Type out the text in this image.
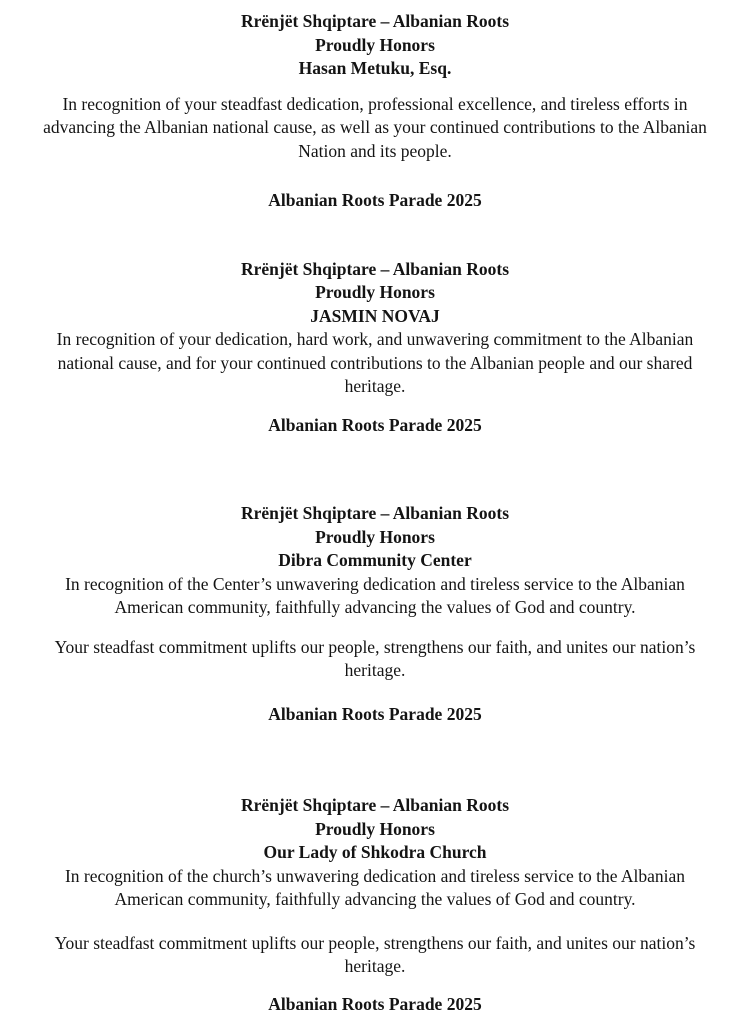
Rrënjët Shqiptare – Albanian Roots
Proudly Honors
Hasan Metuku, Esq.
In recognition of your steadfast dedication, professional excellence, and tireless efforts in
advancing the Albanian national cause, as well as your continued contributions to the Albanian
Nation and its people.
Albanian Roots Parade 2025
Rrënjët Shqiptare – Albanian Roots
Proudly Honors
JASMIN NOVAJ
In recognition of your dedication, hard work, and unwavering commitment to the Albanian
national cause, and for your continued contributions to the Albanian people and our shared
heritage.
Albanian Roots Parade 2025
Rrënjët Shqiptare – Albanian Roots
Proudly Honors
Dibra Community Center
In recognition of the Center’s unwavering dedication and tireless service to the Albanian
American community, faithfully advancing the values of God and country.
Your steadfast commitment uplifts our people, strengthens our faith, and unites our nation’s
heritage.
Albanian Roots Parade 2025
Rrënjët Shqiptare – Albanian Roots
Proudly Honors
Our Lady of Shkodra Church
In recognition of the church’s unwavering dedication and tireless service to the Albanian
American community, faithfully advancing the values of God and country.
Your steadfast commitment uplifts our people, strengthens our faith, and unites our nation’s
heritage.
Albanian Roots Parade 2025
